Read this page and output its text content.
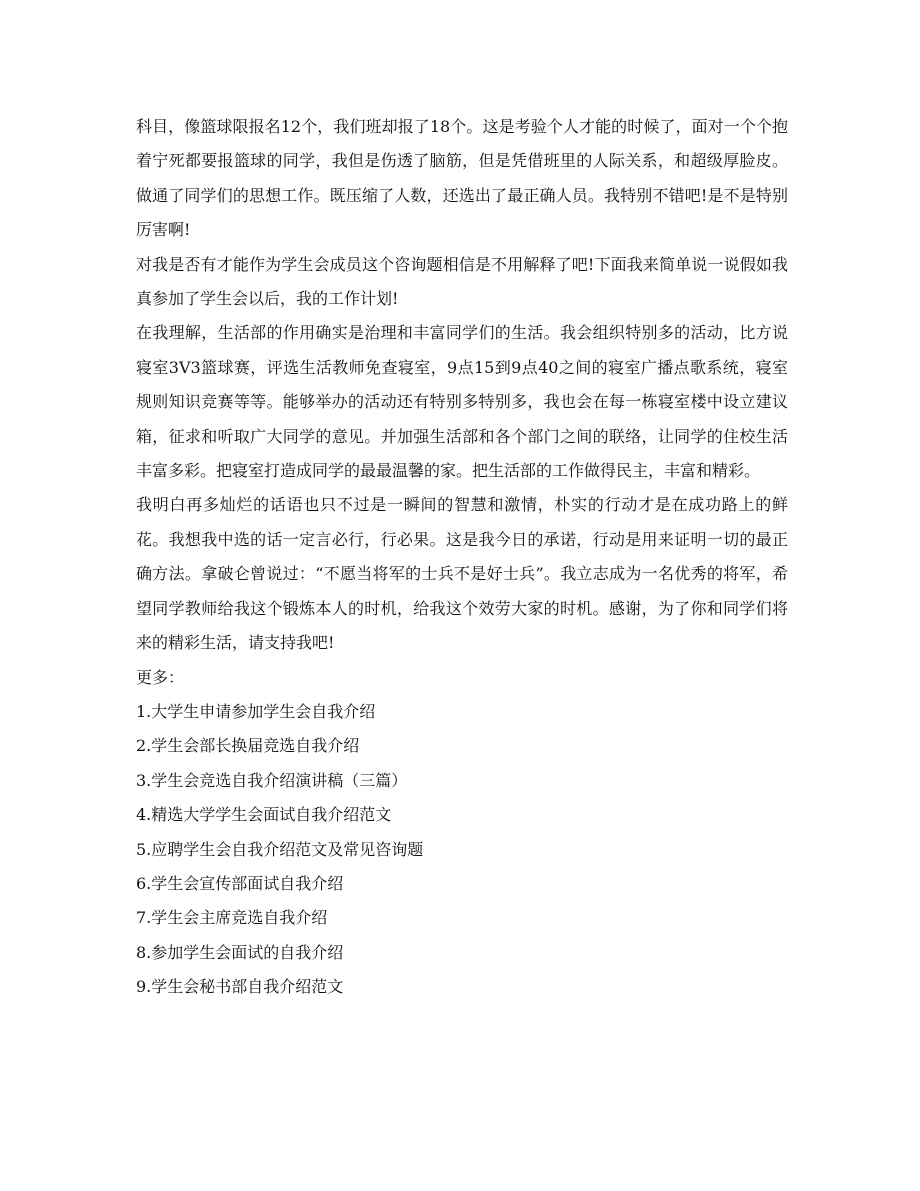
科目，像篮球限报名12个，我们班却报了18个。这是考验个人才能的时候了，面对一个个抱着宁死都要报篮球的同学，我但是伤透了脑筋，但是凭借班里的人际关系，和超级厚脸皮。做通了同学们的思想工作。既压缩了人数，还选出了最正确人员。我特别不错吧!是不是特别厉害啊!

对我是否有才能作为学生会成员这个咨询题相信是不用解释了吧!下面我来简单说一说假如我真参加了学生会以后，我的工作计划!

在我理解，生活部的作用确实是治理和丰富同学们的生活。我会组织特别多的活动，比方说寝室3V3篮球赛，评选生活教师免查寝室，9点15到9点40之间的寝室广播点歌系统，寝室规则知识竞赛等等。能够举办的活动还有特别多特别多，我也会在每一栋寝室楼中设立建议箱，征求和听取广大同学的意见。并加强生活部和各个部门之间的联络，让同学的住校生活丰富多彩。把寝室打造成同学的最最温馨的家。把生活部的工作做得民主，丰富和精彩。

我明白再多灿烂的话语也只不过是一瞬间的智慧和激情，朴实的行动才是在成功路上的鲜花。我想我中选的话一定言必行，行必果。这是我今日的承诺，行动是用来证明一切的最正确方法。拿破仑曾说过：“不愿当将军的士兵不是好士兵”。我立志成为一名优秀的将军，希望同学教师给我这个锻炼本人的时机，给我这个效劳大家的时机。感谢，为了你和同学们将来的精彩生活，请支持我吧!

更多：

1.大学生申请参加学生会自我介绍
2.学生会部长换届竞选自我介绍
3.学生会竞选自我介绍演讲稿（三篇）
4.精选大学学生会面试自我介绍范文
5.应聘学生会自我介绍范文及常见咨询题
6.学生会宣传部面试自我介绍
7.学生会主席竞选自我介绍
8.参加学生会面试的自我介绍
9.学生会秘书部自我介绍范文
